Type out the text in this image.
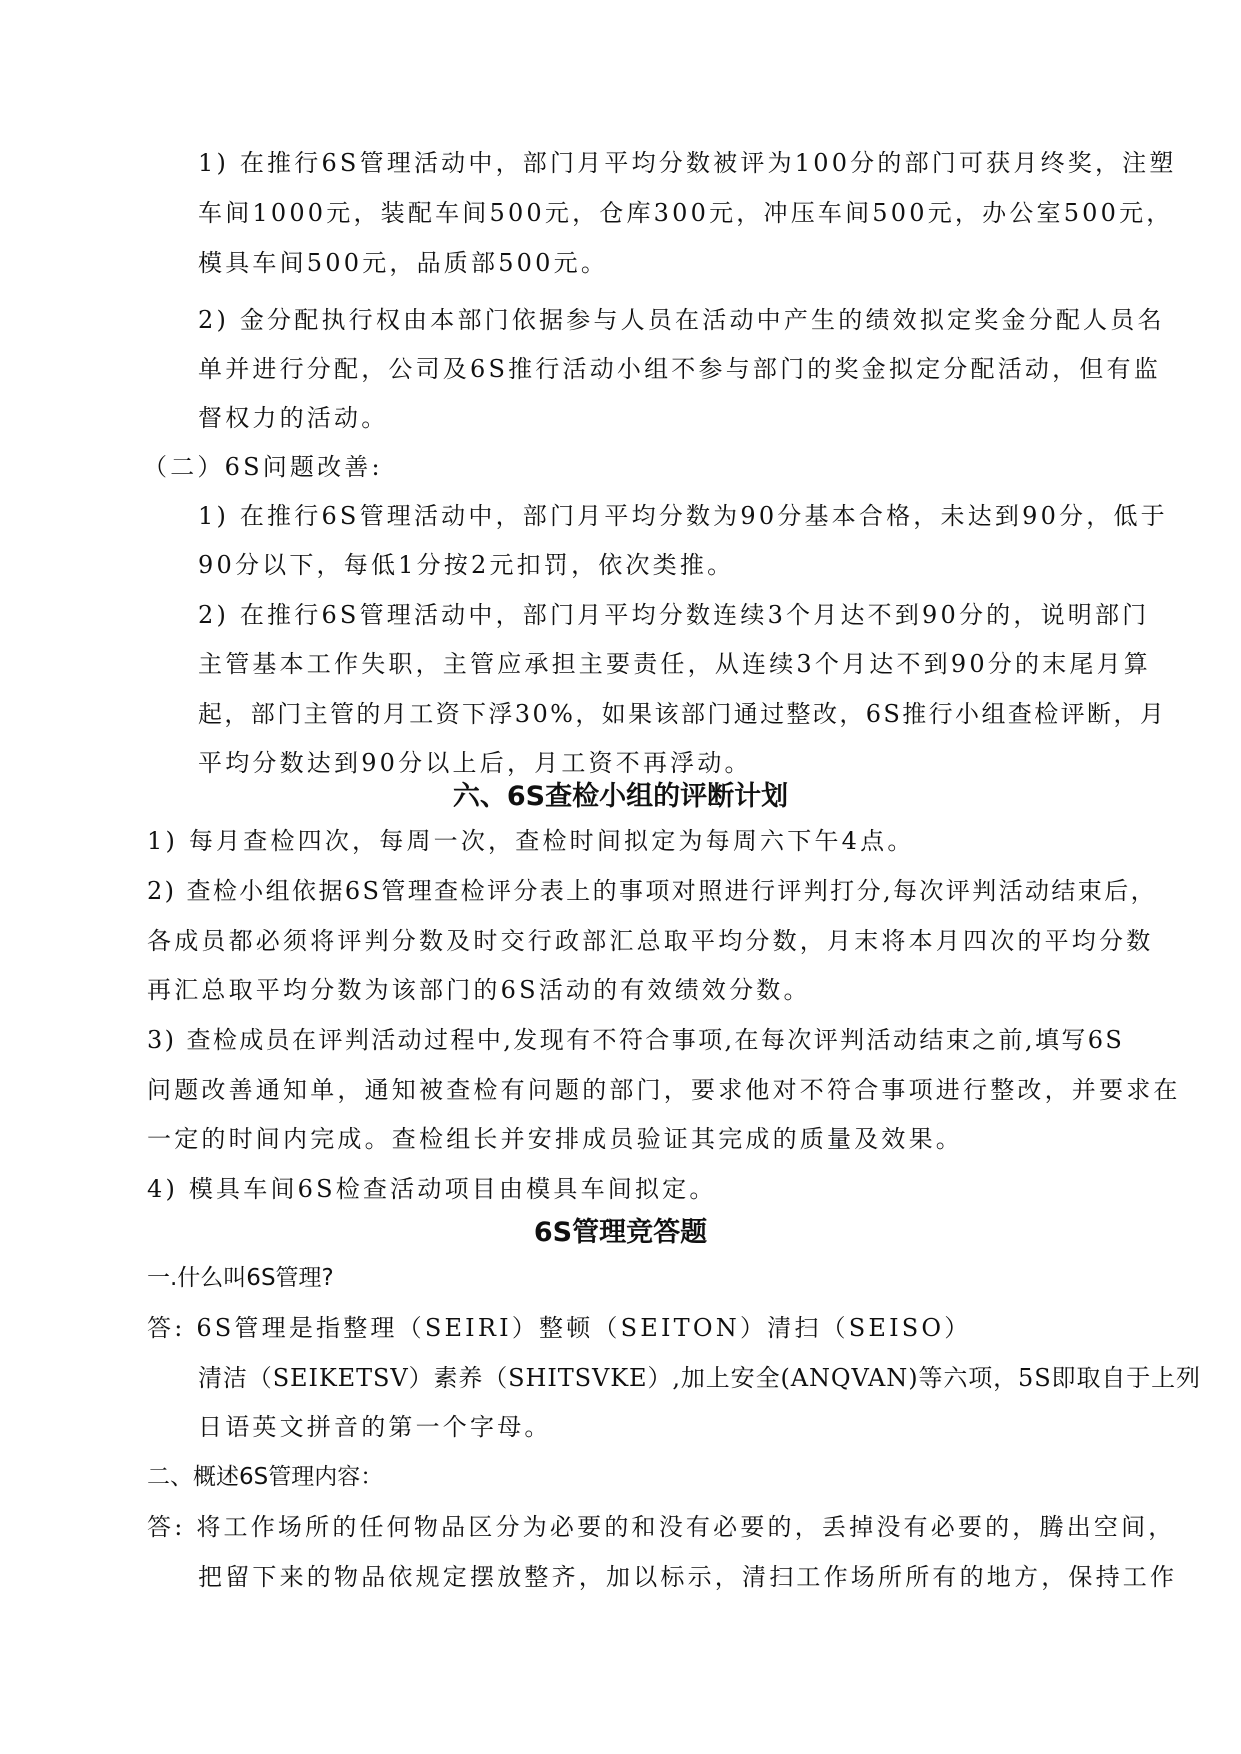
1) 在推行6S管理活动中，部门月平均分数被评为100分的部门可获月终奖，注塑
车间1000元，装配车间500元，仓库300元，冲压车间500元，办公室500元，
模具车间500元，品质部500元。
2) 金分配执行权由本部门依据参与人员在活动中产生的绩效拟定奖金分配人员名
单并进行分配，公司及6S推行活动小组不参与部门的奖金拟定分配活动，但有监
督权力的活动。
（二）6S问题改善:
1) 在推行6S管理活动中，部门月平均分数为90分基本合格，未达到90分，低于
90分以下，每低1分按2元扣罚，依次类推。
2) 在推行6S管理活动中，部门月平均分数连续3个月达不到90分的，说明部门
主管基本工作失职，主管应承担主要责任，从连续3个月达不到90分的末尾月算
起，部门主管的月工资下浮30%，如果该部门通过整改，6S推行小组查检评断，月
平均分数达到90分以上后，月工资不再浮动。
六、6S查检小组的评断计划
1) 每月查检四次，每周一次，查检时间拟定为每周六下午4点。
2) 查检小组依据6S管理查检评分表上的事项对照进行评判打分,每次评判活动结束后，
各成员都必须将评判分数及时交行政部汇总取平均分数，月末将本月四次的平均分数
再汇总取平均分数为该部门的6S活动的有效绩效分数。
3) 查检成员在评判活动过程中,发现有不符合事项,在每次评判活动结束之前,填写6S
问题改善通知单，通知被查检有问题的部门，要求他对不符合事项进行整改，并要求在
一定的时间内完成。查检组长并安排成员验证其完成的质量及效果。
4) 模具车间6S检查活动项目由模具车间拟定。
6S管理竞答题
一.什么叫6S管理?
答: 6S管理是指整理（SEIRI）整顿（SEITON）清扫（SEISO）
清洁（SEIKETSV）素养（SHITSVKE）,加上安全(ANQVAN)等六项，5S即取自于上列
日语英文拼音的第一个字母。
二、概述6S管理内容：
答: 将工作场所的任何物品区分为必要的和没有必要的，丢掉没有必要的，腾出空间，
把留下来的物品依规定摆放整齐，加以标示，清扫工作场所所有的地方，保持工作
